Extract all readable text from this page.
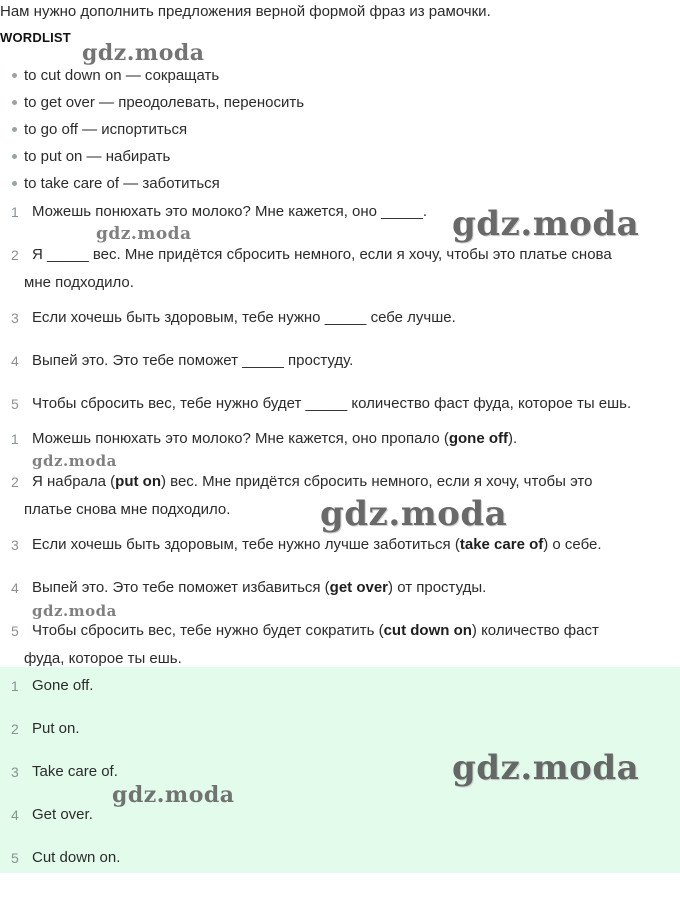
Нам нужно дополнить предложения верной формой фраз из рамочки.
WORDLIST
to cut down on — сокращать
to get over — преодолевать, переносить
to go off — испортиться
to put on — набирать
to take care of — заботиться
1 Можешь понюхать это молоко? Мне кажется, оно _____.
2 Я _____ вес. Мне придётся сбросить немного, если я хочу, чтобы это платье снова
мне подходило.
3 Если хочешь быть здоровым, тебе нужно _____ себе лучше.
4 Выпей это. Это тебе поможет _____ простуду.
5 Чтобы сбросить вес, тебе нужно будет _____ количество фаст фуда, которое ты ешь.
1 Можешь понюхать это молоко? Мне кажется, оно пропало (gone off).
2 Я набрала (put on) вес. Мне придётся сбросить немного, если я хочу, чтобы это
платье снова мне подходило.
3 Если хочешь быть здоровым, тебе нужно лучше заботиться (take care of) о себе.
4 Выпей это. Это тебе поможет избавиться (get over) от простуды.
5 Чтобы сбросить вес, тебе нужно будет сократить (cut down on) количество фаст
фуда, которое ты ешь.
1 Gone off.
2 Put on.
3 Take care of.
4 Get over.
5 Cut down on.
gdz.moda
gdz.moda
gdz.moda
gdz.moda
gdz.moda
gdz.moda
gdz.moda
gdz.moda
